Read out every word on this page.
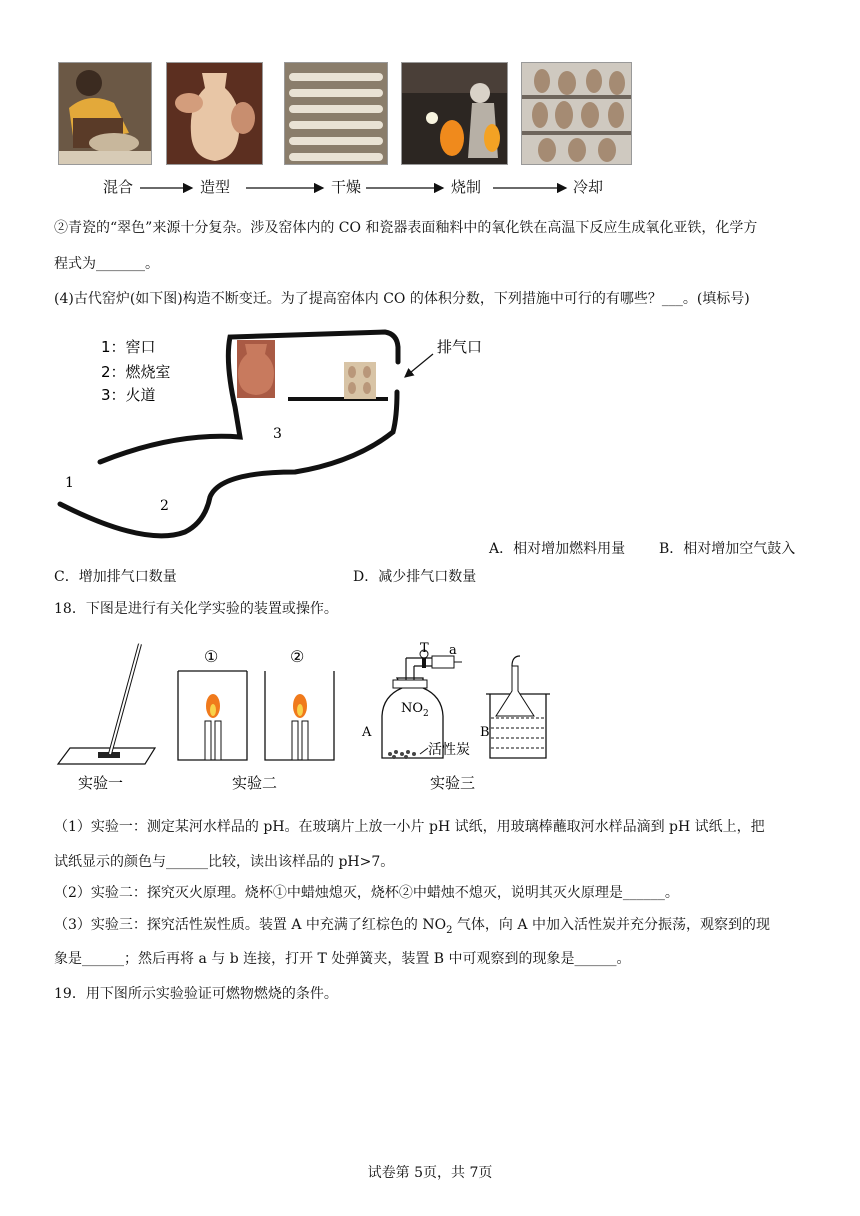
混合	造型	干燥	烧制	冷却
②青瓷的“翠色”来源十分复杂。涉及窑体内的 CO 和瓷器表面釉料中的氧化铁在高温下反应生成氧化亚铁，化学方
程式为_______。
(4)古代窑炉(如下图)构造不断变迁。为了提高窑体内 CO 的体积分数，下列措施中可行的有哪些？___。(填标号)
排气口
1：窖口
2：燃烧室
3：火道
1
2
3
A．相对增加燃料用量 B．相对增加空气鼓入
C．增加排气口数量	D．减少排气口数量
18．下图是进行有关化学实验的装置或操作。
①	②
$NO_2$
T a
A
活性炭
B
实验一	实验二	实验三
（1）实验一：测定某河水样品的 pH。在玻璃片上放一小片 pH 试纸，用玻璃棒蘸取河水样品滴到 pH 试纸上，把
试纸显示的颜色与______比较，读出该样品的 pH>7。
（2）实验二：探究灭火原理。烧杯①中蜡烛熄灭，烧杯②中蜡烛不熄灭，说明其灭火原理是______。
（3）实验三：探究活性炭性质。装置 A 中充满了红棕色的 $NO_2$ 气体，向 A 中加入活性炭并充分振荡，观察到的现
象是______；然后再将 a 与 b 连接，打开 T 处弹簧夹，装置 B 中可观察到的现象是______。
19．用下图所示实验验证可燃物燃烧的条件。
试卷第 5页，共 7页
